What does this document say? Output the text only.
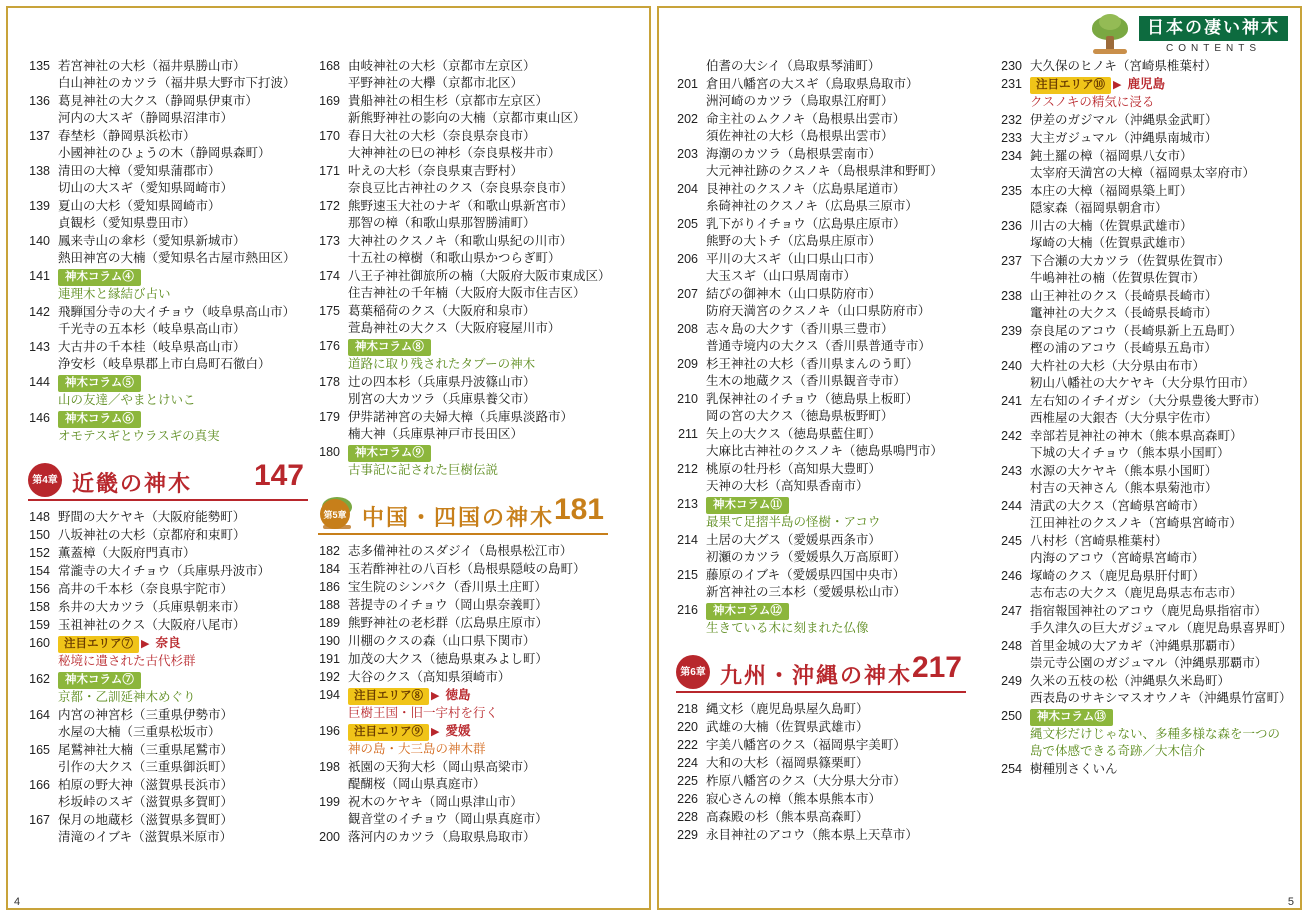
日本の凄い神木
CONTENTS
135 若宮神社の大杉（福井県勝山市）
白山神社のカツラ（福井県大野市下打波）
136 葛見神社の大クス（静岡県伊東市）
河内の大スギ（静岡県沼津市）
137 春埜杉（静岡県浜松市）
小國神社のひょうの木（静岡県森町）
138 清田の大樟（愛知県蒲郡市）
切山の大スギ（愛知県岡崎市）
139 夏山の大杉（愛知県岡崎市）
貞観杉（愛知県豊田市）
140 鳳来寺山の傘杉（愛知県新城市）
熱田神宮の大楠（愛知県名古屋市熱田区）
141	神木コラム④
連理木と縁結び占い
142 飛騨国分寺の大イチョウ（岐阜県高山市）
千光寺の五本杉（岐阜県高山市）
143 大古井の千本桂（岐阜県高山市）
浄安杉（岐阜県郡上市白鳥町石徹白）
144	神木コラム⑤
山の友達／やまとけいこ
146	神木コラム⑥
オモテスギとウラスギの真実
第4章 近畿の神木 147
148 野間の大ケヤキ（大阪府能勢町）
150 八坂神社の大杉（京都府和束町）
152 薫蓋樟（大阪府門真市）
154 常瀧寺の大イチョウ（兵庫県丹波市）
156 高井の千本杉（奈良県宇陀市）
158 糸井の大カツラ（兵庫県朝来市）
159 玉祖神社のクス（大阪府八尾市）
160	注目エリア⑦ ▶ 奈良
秘境に遺された古代杉群
162	神木コラム⑦
京都・乙訓延神木めぐり
164 内宮の神宮杉（三重県伊勢市）
水屋の大楠（三重県松坂市）
165 尾鷲神社大楠（三重県尾鷲市）
引作の大クス（三重県御浜町）
166 柏原の野大神（滋賀県長浜市）
杉坂峠のスギ（滋賀県多賀町）
167 保月の地蔵杉（滋賀県多賀町）
清滝のイブキ（滋賀県米原市）
168 由岐神社の大杉（京都市左京区）
平野神社の大欅（京都市北区）
169 貴船神社の相生杉（京都市左京区）
新熊野神社の影向の大楠（京都市東山区）
170 春日大社の大杉（奈良県奈良市）
大神神社の巳の神杉（奈良県桜井市）
171 叶えの大杉（奈良県東吉野村）
奈良豆比古神社のクス（奈良県奈良市）
172 熊野速玉大社のナギ（和歌山県新宮市）
那智の樟（和歌山県那智勝浦町）
173 大神社のクスノキ（和歌山県紀の川市）
十五社の樟樹（和歌山県かつらぎ町）
174 八王子神社御旅所の楠（大阪府大阪市東成区）
住吉神社の千年楠（大阪府大阪市住吉区）
175 葛葉稲荷のクス（大阪府和泉市）
萱島神社の大クス（大阪府寝屋川市）
176	神木コラム⑧
道路に取り残されたタブーの神木
178 辻の四本杉（兵庫県丹波篠山市）
別宮の大カツラ（兵庫県養父市）
179 伊弉諾神宮の夫婦大樟（兵庫県淡路市）
楠大神（兵庫県神戸市長田区）
180	神木コラム⑨
古事記に記された巨樹伝説
第5章 中国・四国の神木 181
182 志多備神社のスダジイ（島根県松江市）
184 玉若酢神社の八百杉（島根県隠岐の島町）
186 宝生院のシンパク（香川県土庄町）
188 菩提寺のイチョウ（岡山県奈義町）
189 熊野神社の老杉群（広島県庄原市）
190 川棚のクスの森（山口県下関市）
191 加茂の大クス（徳島県東みよし町）
192 大谷のクス（高知県須崎市）
194	注目エリア⑧ ▶ 徳島
巨樹王国・旧一宇村を行く
196	注目エリア⑨ ▶ 愛媛
神の島・大三島の神木群
198 祇園の天狗大杉（岡山県高梁市）
醍醐桜（岡山県真庭市）
199 祝木のケヤキ（岡山県津山市）
観音堂のイチョウ（岡山県真庭市）
200 落河内のカツラ（鳥取県鳥取市）
伯耆の大シイ（鳥取県琴浦町）
201 倉田八幡宮の大スギ（鳥取県鳥取市）
洲河崎のカツラ（鳥取県江府町）
202 命主社のムクノキ（島根県出雲市）
須佐神社の大杉（島根県出雲市）
203 海潮のカツラ（島根県雲南市）
大元神社跡のクスノキ（島根県津和野町）
204 艮神社のクスノキ（広島県尾道市）
糸碕神社のクスノキ（広島県三原市）
205 乳下がりイチョウ（広島県庄原市）
熊野の大トチ（広島県庄原市）
206 平川の大スギ（山口県山口市）
大玉スギ（山口県周南市）
207 結びの御神木（山口県防府市）
防府天満宮のクスノキ（山口県防府市）
208 志々島の大クす（香川県三豊市）
普通寺境内の大クス（香川県普通寺市）
209 杉王神社の大杉（香川県まんのう町）
生木の地蔵クス（香川県観音寺市）
210 乳保神社のイチョウ（徳島県上板町）
岡の宮の大クス（徳島県板野町）
211 矢上の大クス（徳島県藍住町）
大麻比古神社のクスノキ（徳島県鳴門市）
212 桃原の牡丹杉（高知県大豊町）
天神の大杉（高知県香南市）
213	神木コラム⑪
最果て足摺半島の怪樹・アコウ
214 土居の大グス（愛媛県西条市）
初瀬のカツラ（愛媛県久万高原町）
215 藤原のイブキ（愛媛県四国中央市）
新宮神社の三本杉（愛媛県松山市）
216	神木コラム⑫
生きている木に刻まれた仏像
第6章 九州・沖縄の神木 217
218 縄文杉（鹿児島県屋久島町）
220 武雄の大楠（佐賀県武雄市）
222 宇美八幡宮のクス（福岡県宇美町）
224 大和の大杉（福岡県篠栗町）
225 柞原八幡宮のクス（大分県大分市）
226 寂心さんの樟（熊本県熊本市）
228 高森殿の杉（熊本県高森町）
229 永目神社のアコウ（熊本県上天草市）
230 大久保のヒノキ（宮崎県椎葉村）
231	注目エリア⑩ ▶ 鹿児島
クスノキの精気に浸る
232 伊差のガジマル（沖縄県金武町）
233 大主ガジュマル（沖縄県南城市）
234 鈍土羅の樟（福岡県八女市）
太宰府天満宮の大樟（福岡県太宰府市）
235 本庄の大樟（福岡県築上町）
隠家森（福岡県朝倉市）
236 川古の大楠（佐賀県武雄市）
塚崎の大楠（佐賀県武雄市）
237 下合瀬の大カツラ（佐賀県佐賀市）
牛嶋神社の楠（佐賀県佐賀市）
238 山王神社のクス（長崎県長崎市）
竃神社の大クス（長崎県長崎市）
239 奈良尾のアコウ（長崎県新上五島町）
樫の浦のアコウ（長崎県五島市）
240 大杵社の大杉（大分県由布市）
籾山八幡社の大ケヤキ（大分県竹田市）
241 左右知のイチイガシ（大分県豊後大野市）
西椎屋の大銀杏（大分県宇佐市）
242 幸部若見神社の神木（熊本県高森町）
下城の大イチョウ（熊本県小国町）
243 水源の大ケヤキ（熊本県小国町）
村吉の天神さん（熊本県菊池市）
244 清武の大クス（宮崎県宮崎市）
江田神社のクスノキ（宮崎県宮崎市）
245 八村杉（宮崎県椎葉村）
内海のアコウ（宮崎県宮崎市）
246 塚崎のクス（鹿児島県肝付町）
志布志の大クス（鹿児島県志布志市）
247 指宿報国神社のアコウ（鹿児島県指宿市）
手久津久の巨大ガジュマル（鹿児島県喜界町）
248 首里金城の大アカギ（沖縄県那覇市）
崇元寺公園のガジュマル（沖縄県那覇市）
249 久米の五枝の松（沖縄県久米島町）
西表島のサキシマスオウノキ（沖縄県竹富町）
250	神木コラム⑬
縄文杉だけじゃない、多種多様な森を一つの島で体感できる奇跡／大木信介
254 樹種別さくいん
4	5
